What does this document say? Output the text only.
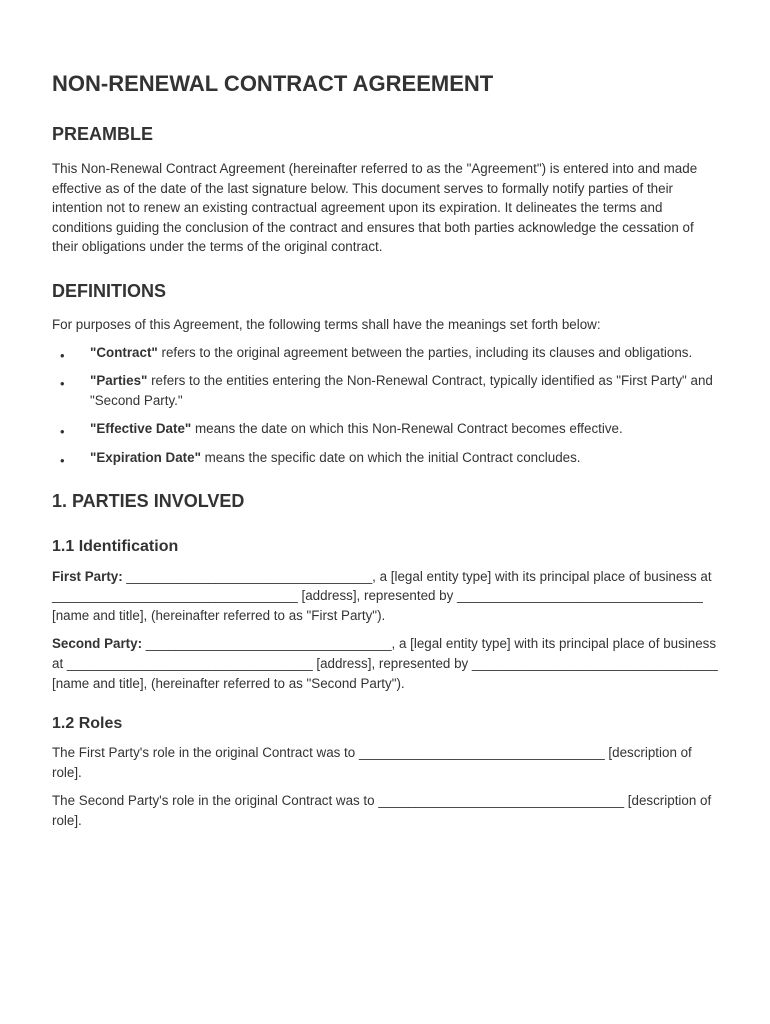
NON-RENEWAL CONTRACT AGREEMENT
PREAMBLE

This Non-Renewal Contract Agreement (hereinafter referred to as the "Agreement") is entered into and made effective as of the date of the last signature below. This document serves to formally notify parties of their intention not to renew an existing contractual agreement upon its expiration. It delineates the terms and conditions guiding the conclusion of the contract and ensures that both parties acknowledge the cessation of their obligations under the terms of the original contract.

DEFINITIONS

For purposes of this Agreement, the following terms shall have the meanings set forth below:

• "Contract" refers to the original agreement between the parties, including its clauses and obligations.
• "Parties" refers to the entities entering the Non-Renewal Contract, typically identified as "First Party" and "Second Party."
• "Effective Date" means the date on which this Non-Renewal Contract becomes effective.
• "Expiration Date" means the specific date on which the initial Contract concludes.
1. PARTIES INVOLVED
1.1 Identification

First Party: _________________________________, a [legal entity type] with its principal place of business at _________________________________ [address], represented by _________________________________ [name and title], (hereinafter referred to as "First Party").

Second Party: _________________________________, a [legal entity type] with its principal place of business at _________________________________ [address], represented by _________________________________ [name and title], (hereinafter referred to as "Second Party").

1.2 Roles

The First Party's role in the original Contract was to _________________________________ [description of role].

The Second Party's role in the original Contract was to _________________________________ [description of role].
